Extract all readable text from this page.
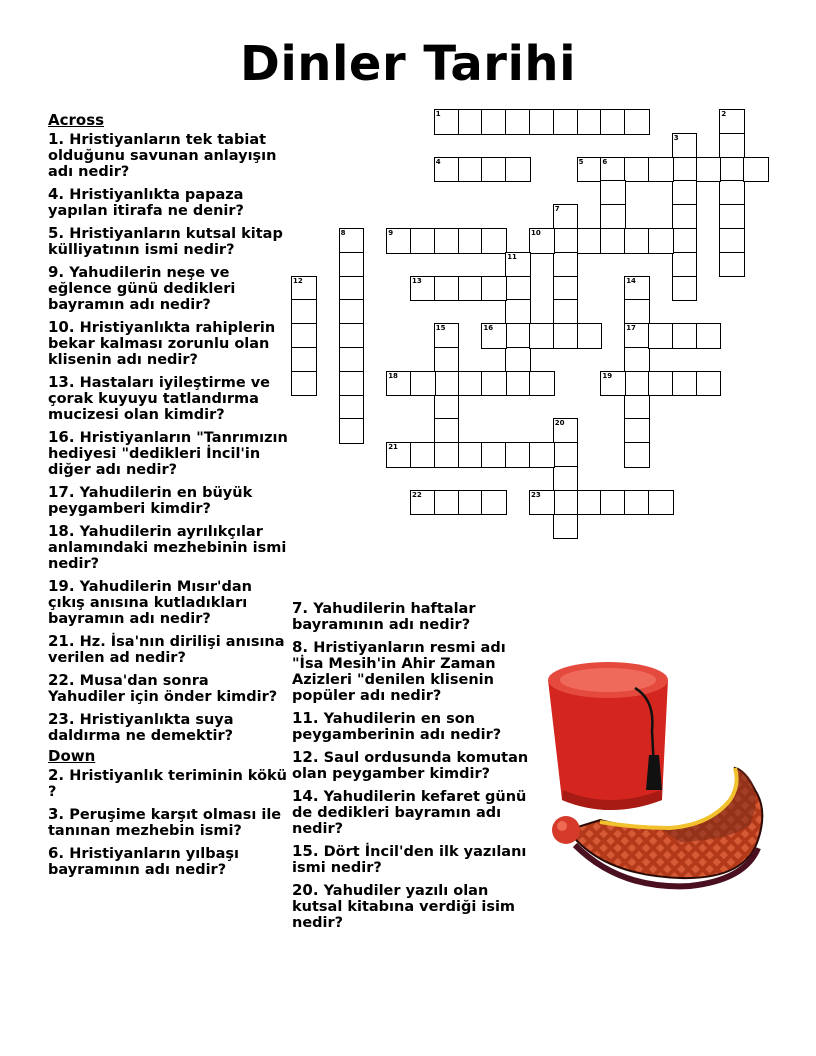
Dinler Tarihi
Across
1. Hristiyanların tek tabiat olduğunu savunan anlayışın adı nedir?
4. Hristiyanlıkta papaza yapılan itirafa ne denir?
5. Hristiyanların kutsal kitap külliyatının ismi nedir?
9. Yahudilerin neşe ve eğlence günü dedikleri bayramın adı nedir?
10. Hristiyanlıkta rahiplerin bekar kalması zorunlu olan klisenin adı nedir?
13. Hastaları iyileştirme ve çorak kuyuyu tatlandırma mucizesi olan kimdir?
16. Hristiyanların "Tanrımızın hediyesi "dedikleri İncil'in diğer adı nedir?
17. Yahudilerin en büyük peygamberi kimdir?
18. Yahudilerin ayrılıkçılar anlamındaki mezhebinin ismi nedir?
19. Yahudilerin Mısır'dan çıkış anısına kutladıkları bayramın adı nedir?
21. Hz. İsa'nın dirilişi anısına verilen ad nedir?
22. Musa'dan sonra Yahudiler için önder kimdir?
23. Hristiyanlıkta suya daldırma ne demektir?
Down
2. Hristiyanlık teriminin kökü ?
3. Peruşime karşıt olması ile tanınan mezhebin ismi?
6. Hristiyanların yılbaşı bayramının adı nedir?
7. Yahudilerin haftalar bayramının adı nedir?
8. Hristiyanların resmi adı "İsa Mesih'in Ahir Zaman Azizleri "denilen klisenin popüler adı nedir?
11. Yahudilerin en son peygamberinin adı nedir?
12. Saul ordusunda komutan olan peygamber kimdir?
14. Yahudilerin kefaret günü de dedikleri bayramın adı nedir?
15. Dört İncil'den ilk yazılanı ismi nedir?
20. Yahudiler yazılı olan kutsal kitabına verdiği isim nedir?
1	2
3
4	5	6
7
8	9	10
11
12	13	14
15	16	17
18	19
20
21
22	23
